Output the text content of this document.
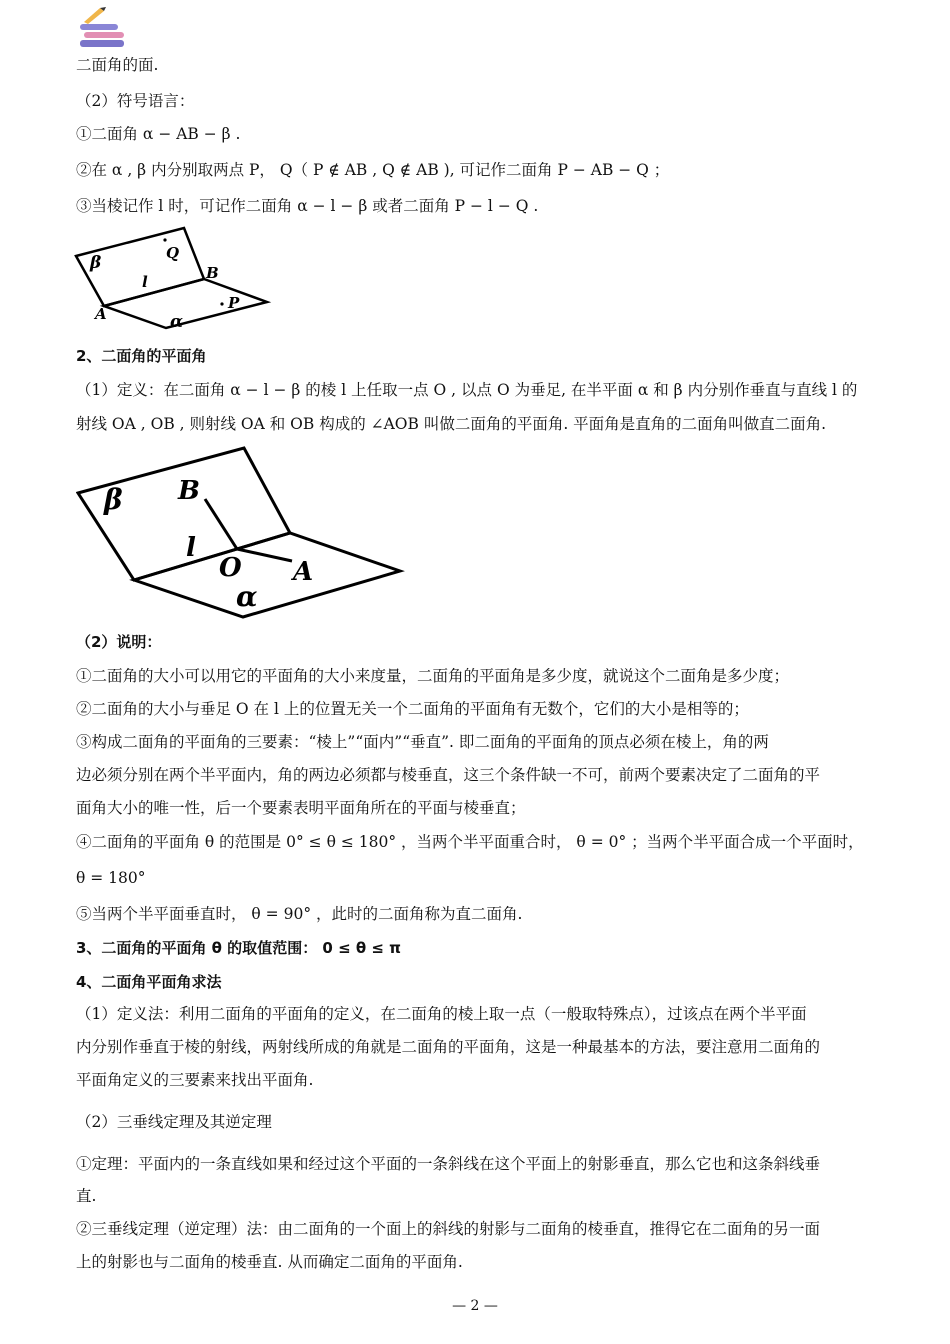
二面角的面.
（2）符号语言：
①二面角 α − AB − β .
②在 α , β 内分别取两点 P， Q（ P ∉ AB , Q ∉ AB ), 可记作二面角 P − AB − Q ；
③当棱记作 l 时，可记作二面角 α − l − β 或者二面角 P − l − Q .
β	Q
l	B
A
P
α
2、二面角的平面角
（1）定义：在二面角 α − l − β 的棱 l 上任取一点 O , 以点 O 为垂足, 在半平面 α 和 β 内分别作垂直与直线 l 的
射线 OA , OB , 则射线 OA 和 OB 构成的 ∠AOB 叫做二面角的平面角. 平面角是直角的二面角叫做直二面角.
β B
l
O A
α
（2）说明：
①二面角的大小可以用它的平面角的大小来度量，二面角的平面角是多少度，就说这个二面角是多少度；
②二面角的大小与垂足 O 在 l 上的位置无关一个二面角的平面角有无数个，它们的大小是相等的；
③构成二面角的平面角的三要素：“棱上”“面内”“垂直”. 即二面角的平面角的顶点必须在棱上，角的两
边必须分别在两个半平面内，角的两边必须都与棱垂直，这三个条件缺一不可，前两个要素决定了二面角的平
面角大小的唯一性，后一个要素表明平面角所在的平面与棱垂直；
④二面角的平面角 θ 的范围是 0° ≤ θ ≤ 180° ，当两个半平面重合时， θ = 0° ；当两个半平面合成一个平面时，
θ = 180°
⑤当两个半平面垂直时， θ = 90° ，此时的二面角称为直二面角.
3、二面角的平面角 θ 的取值范围： 0 ≤ θ ≤ π
4、二面角平面角求法
（1）定义法：利用二面角的平面角的定义，在二面角的棱上取一点（一般取特殊点），过该点在两个半平面
内分别作垂直于棱的射线，两射线所成的角就是二面角的平面角，这是一种最基本的方法，要注意用二面角的
平面角定义的三要素来找出平面角.
（2）三垂线定理及其逆定理
①定理：平面内的一条直线如果和经过这个平面的一条斜线在这个平面上的射影垂直，那么它也和这条斜线垂
直.
②三垂线定理（逆定理）法：由二面角的一个面上的斜线的射影与二面角的棱垂直，推得它在二面角的另一面
上的射影也与二面角的棱垂直. 从而确定二面角的平面角.
— 2 —
